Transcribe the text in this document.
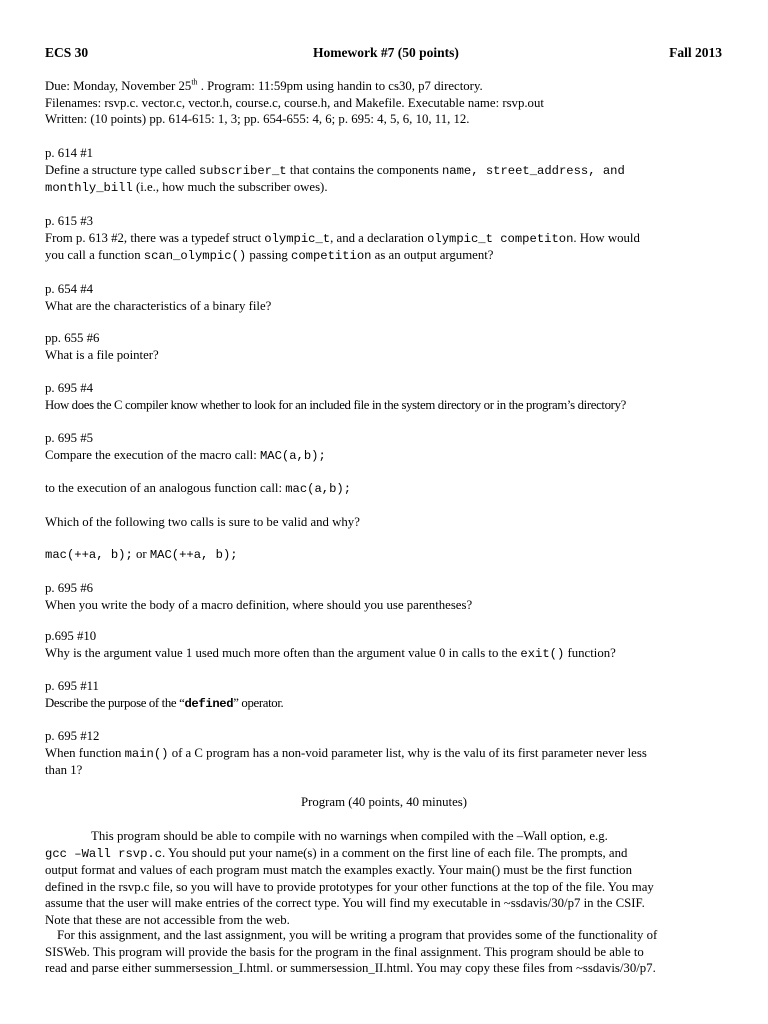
ECS 30	Homework #7 (50 points)	Fall 2013
Due: Monday, November 25th . Program: 11:59pm using handin to cs30, p7 directory.
Filenames: rsvp.c. vector.c, vector.h, course.c, course.h, and Makefile. Executable name: rsvp.out
Written: (10 points) pp. 614-615: 1, 3; pp. 654-655: 4, 6; p. 695: 4, 5, 6, 10, 11, 12.
p. 614 #1
Define a structure type called subscriber_t that contains the components name, street_address, and
monthly_bill (i.e., how much the subscriber owes).
p. 615 #3
From p. 613 #2, there was a typedef struct olympic_t, and a declaration olympic_t competiton. How would
you call a function scan_olympic() passing competition as an output argument?
p. 654 #4
What are the characteristics of a binary file?
pp. 655 #6
What is a file pointer?
p. 695 #4
How does the C compiler know whether to look for an included file in the system directory or in the program’s directory?
p. 695 #5
Compare the execution of the macro call: MAC(a,b);
to the execution of an analogous function call: mac(a,b);
Which of the following two calls is sure to be valid and why?
mac(++a, b); or MAC(++a, b);
p. 695 #6
When you write the body of a macro definition, where should you use parentheses?
p.695 #10
Why is the argument value 1 used much more often than the argument value 0 in calls to the exit() function?
p. 695 #11
Describe the purpose of the “defined” operator.
p. 695 #12
When function main() of a C program has a non-void parameter list, why is the valu of its first parameter never less
than 1?
Program (40 points, 40 minutes)
This program should be able to compile with no warnings when compiled with the –Wall option, e.g.
gcc –Wall rsvp.c. You should put your name(s) in a comment on the first line of each file. The prompts, and
output format and values of each program must match the examples exactly. Your main() must be the first function
defined in the rsvp.c file, so you will have to provide prototypes for your other functions at the top of the file. You may
assume that the user will make entries of the correct type. You will find my executable in ~ssdavis/30/p7 in the CSIF.
Note that these are not accessible from the web.
For this assignment, and the last assignment, you will be writing a program that provides some of the functionality of
SISWeb. This program will provide the basis for the program in the final assignment. This program should be able to
read and parse either summersession_I.html. or summersession_II.html. You may copy these files from ~ssdavis/30/p7.
